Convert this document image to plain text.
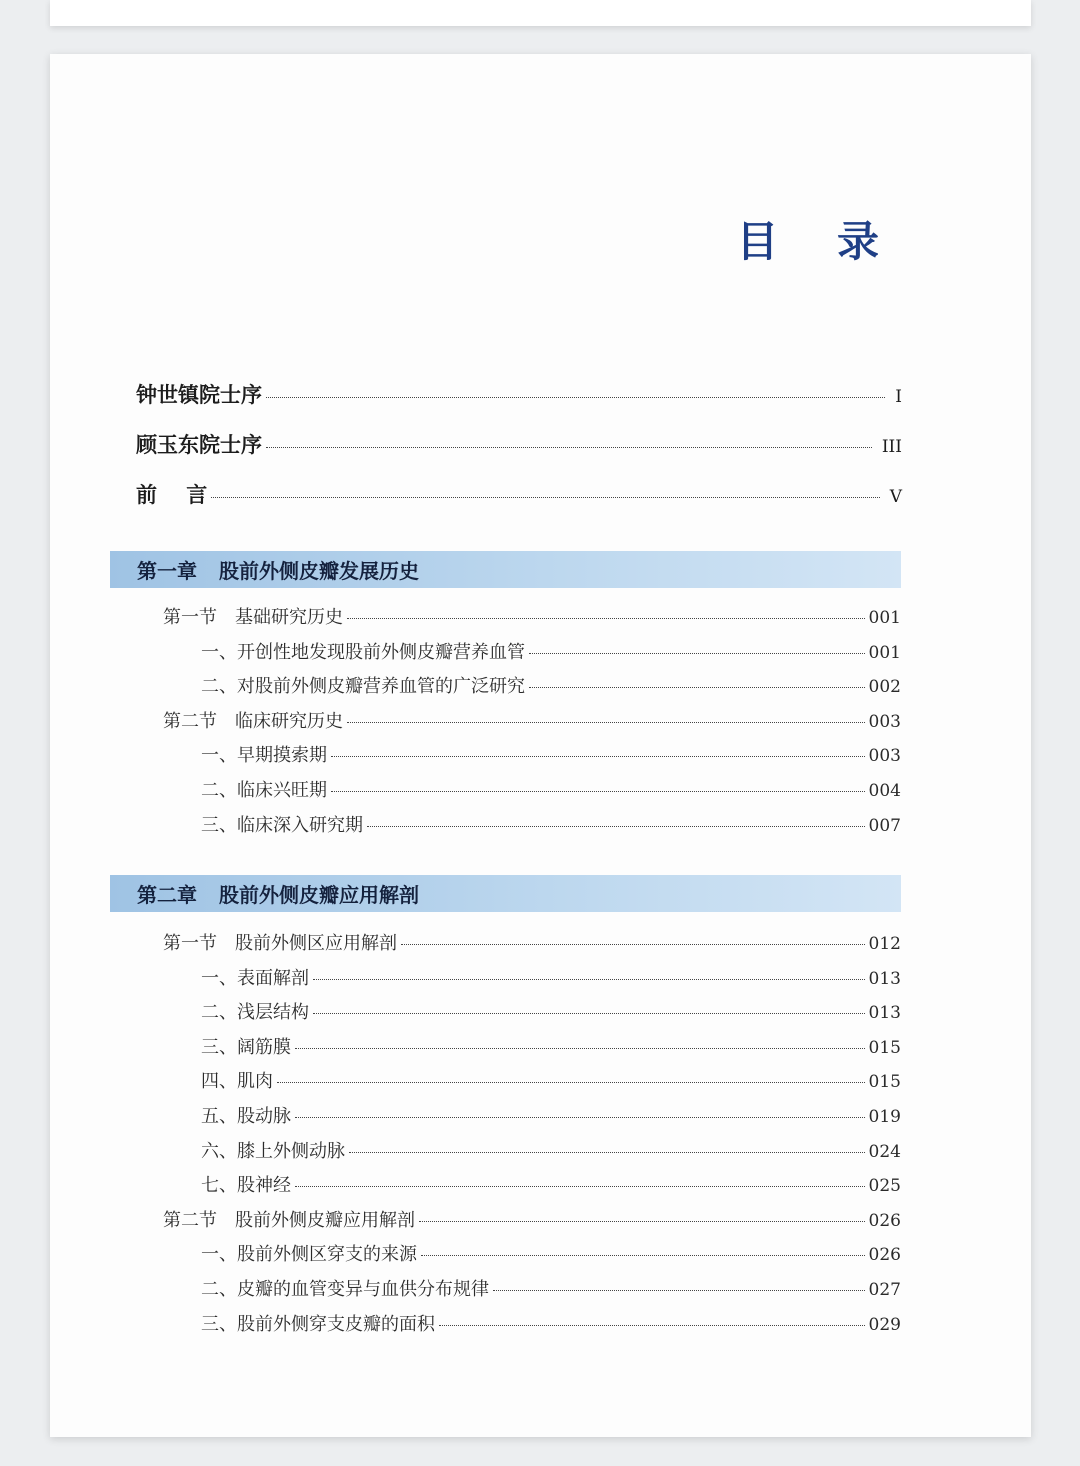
目 录
钟世镇院士序	I
顾玉东院士序	III
前    言	V
第一章 股前外侧皮瓣发展历史
第一节 基础研究历史	001
一、开创性地发现股前外侧皮瓣营养血管	001
二、对股前外侧皮瓣营养血管的广泛研究	002
第二节 临床研究历史	003
一、早期摸索期	003
二、临床兴旺期	004
三、临床深入研究期	007
第二章 股前外侧皮瓣应用解剖
第一节 股前外侧区应用解剖	012
一、表面解剖	013
二、浅层结构	013
三、阔筋膜	015
四、肌肉	015
五、股动脉	019
六、膝上外侧动脉	024
七、股神经	025
第二节 股前外侧皮瓣应用解剖	026
一、股前外侧区穿支的来源	026
二、皮瓣的血管变异与血供分布规律	027
三、股前外侧穿支皮瓣的面积	029
